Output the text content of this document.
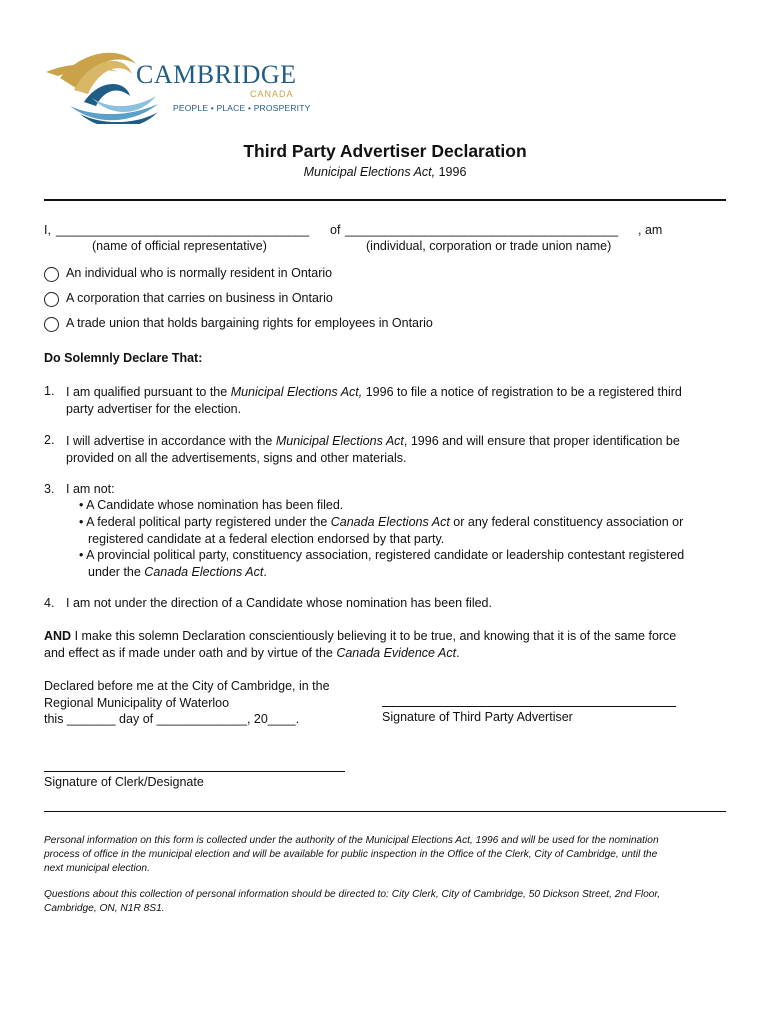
CAMBRIDGE
CANADA
PEOPLE • PLACE • PROSPERITY
Third Party Advertiser Declaration
Municipal Elections Act, 1996
I, ______________________________________ of _________________________________________ , am
(name of official representative)	(individual, corporation or trade union name)
An individual who is normally resident in Ontario
A corporation that carries on business in Ontario
A trade union that holds bargaining rights for employees in Ontario
Do Solemnly Declare That:
1. I am qualified pursuant to the Municipal Elections Act, 1996 to file a notice of registration to be a registered third
party advertiser for the election.
2. I will advertise in accordance with the Municipal Elections Act, 1996 and will ensure that proper identification be
provided on all the advertisements, signs and other materials.
3. I am not:
• A Candidate whose nomination has been filed.
• A federal political party registered under the Canada Elections Act or any federal constituency association or
registered candidate at a federal election endorsed by that party.
• A provincial political party, constituency association, registered candidate or leadership contestant registered
under the Canada Elections Act.
4. I am not under the direction of a Candidate whose nomination has been filed.
AND I make this solemn Declaration conscientiously believing it to be true, and knowing that it is of the same force
and effect as if made under oath and by virtue of the Canada Evidence Act.
Declared before me at the City of Cambridge, in the
Regional Municipality of Waterloo
this _______ day of _____________, 20____.	Signature of Third Party Advertiser
Signature of Clerk/Designate
Personal information on this form is collected under the authority of the Municipal Elections Act, 1996 and will be used for the nomination
process of office in the municipal election and will be available for public inspection in the Office of the Clerk, City of Cambridge, until the
next municipal election.
Questions about this collection of personal information should be directed to: City Clerk, City of Cambridge, 50 Dickson Street, 2nd Floor,
Cambridge, ON, N1R 8S1.
